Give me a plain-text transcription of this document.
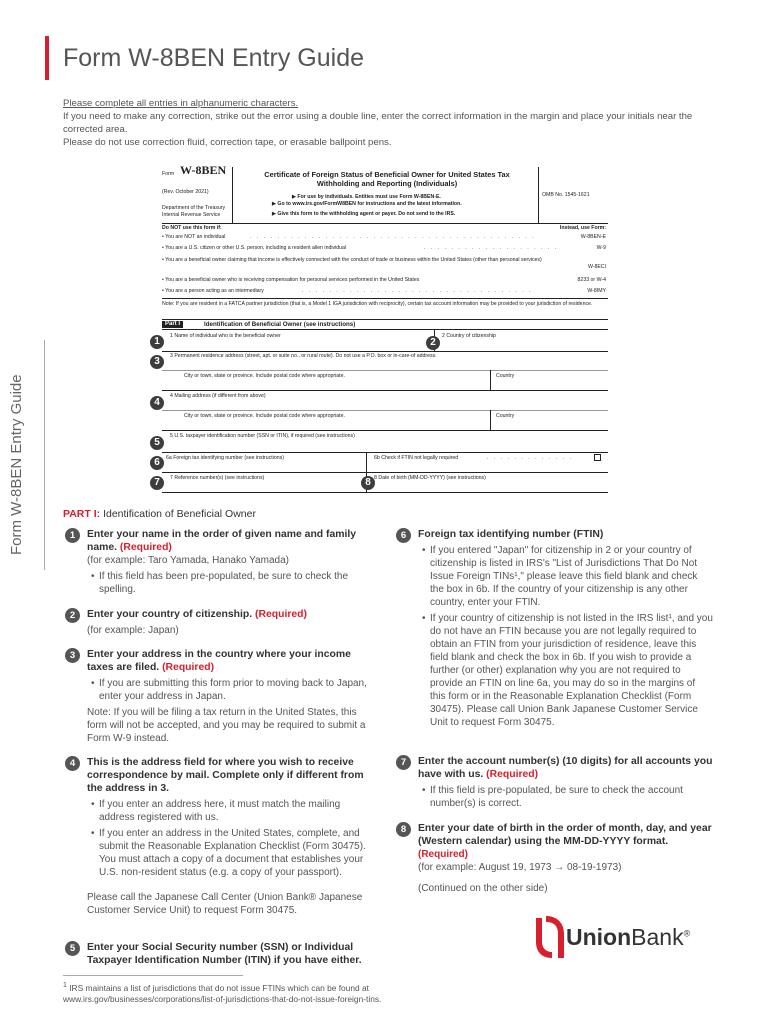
Form W-8BEN Entry Guide
Form W-8BEN Entry Guide

Please complete all entries in alphanumeric characters.

If you need to make any correction, strike out the error using a double line, enter the correct information in the margin and place your initials near the corrected area.

Please do not use correction fluid, correction tape, or erasable ballpoint pens.

Form W-8BEN
(Rev. October 2021)
Department of the Treasury Internal Revenue Service
Certificate of Foreign Status of Beneficial Owner for United States Tax Withholding and Reporting (Individuals)
▶ For use by individuals. Entities must use Form W-8BEN-E.
▶ Go to www.irs.gov/FormW8BEN for instructions and the latest information.
▶ Give this form to the withholding agent or payer. Do not send to the IRS.
OMB No. 1545-1621
Do NOT use this form if:	Instead, use Form:
• You are NOT an individual	. . . . . . . . . . . . . . . . . . . . . . . . . . . . . . . . . . . . . . . . . .	W-8BEN-E
• You are a U.S. citizen or other U.S. person, including a resident alien individual	. . . . . . . . . . . . . . . . . . . .	W-9
• You are a beneficial owner claiming that income is effectively connected with the conduct of trade or business within the United States (other than personal services)
W-8ECI
• You are a beneficial owner who is receiving compensation for personal services performed in the United States	8233 or W-4
• You are a person acting as an intermediary	. . . . . . . . . . . . . . . . . . . . . . . . . . . . . . . . . .	W-8IMY
Note: If you are resident in a FATCA partner jurisdiction (that is, a Model 1 IGA jurisdiction with reciprocity), certain tax account information may be provided to your jurisdiction of residence.
Part I	Identification of Beneficial Owner (see instructions)
1 Name of individual who is the beneficial owner	2 Country of citizenship
3 Permanent residence address (street, apt. or suite no., or rural route). Do not use a P.O. box or in-care-of address.
City or town, state or province. Include postal code where appropriate.	Country
4 Mailing address (if different from above)
City or town, state or province. Include postal code where appropriate.	Country
5 U.S. taxpayer identification number (SSN or ITIN), if required (see instructions)
6a Foreign tax identifying number (see instructions)	6b Check if FTIN not legally required	. . . . . . . . . . . . .
7 Reference number(s) (see instructions)	8 Date of birth (MM-DD-YYYY) (see instructions)
1	2
3
4
5
6
7	8
PART I: Identification of Beneficial Owner
1	Enter your name in the order of given name and family name. (Required)
(for example: Taro Yamada, Hanako Yamada)
• If this field has been pre-populated, be sure to check the spelling.
2	Enter your country of citizenship. (Required)
(for example: Japan)
3	Enter your address in the country where your income taxes are filed. (Required)
• If you are submitting this form prior to moving back to Japan, enter your address in Japan.
Note: If you will be filing a tax return in the United States, this form will not be accepted, and you may be required to submit a Form W-9 instead.
4	This is the address field for where you wish to receive correspondence by mail. Complete only if different from the address in 3.
• If you enter an address here, it must match the mailing address registered with us.
• If you enter an address in the United States, complete, and submit the Reasonable Explanation Checklist (Form 30475). You must attach a copy of a document that establishes your U.S. non-resident status (e.g. a copy of your passport).
Please call the Japanese Call Center (Union Bank® Japanese Customer Service Unit) to request Form 30475.
5	Enter your Social Security number (SSN) or Individual Taxpayer Identification Number (ITIN) if you have either.
6	Foreign tax identifying number (FTIN)
• If you entered "Japan" for citizenship in 2 or your country of citizenship is listed in IRS's "List of Jurisdictions That Do Not Issue Foreign TINs¹," please leave this field blank and check the box in 6b. If the country of your citizenship is any other country, enter your FTIN.
• If your country of citizenship is not listed in the IRS list¹, and you do not have an FTIN because you are not legally required to obtain an FTIN from your jurisdiction of residence, leave this field blank and check the box in 6b. If you wish to provide a further (or other) explanation why you are not required to provide an FTIN on line 6a, you may do so in the margins of this form or in the Reasonable Explanation Checklist (Form 30475). Please call Union Bank Japanese Customer Service Unit to request Form 30475.
7	Enter the account number(s) (10 digits) for all accounts you have with us. (Required)
• If this field is pre-populated, be sure to check the account number(s) is correct.
8	Enter your date of birth in the order of month, day, and year (Western calendar) using the MM-DD-YYYY format.
(Required)
(for example: August 19, 1973 → 08-19-1973)
(Continued on the other side)
UnionBank®
$^1$ IRS maintains a list of jurisdictions that do not issue FTINs which can be found at www.irs.gov/businesses/corporations/list-of-jurisdictions-that-do-not-issue-foreign-tins.
